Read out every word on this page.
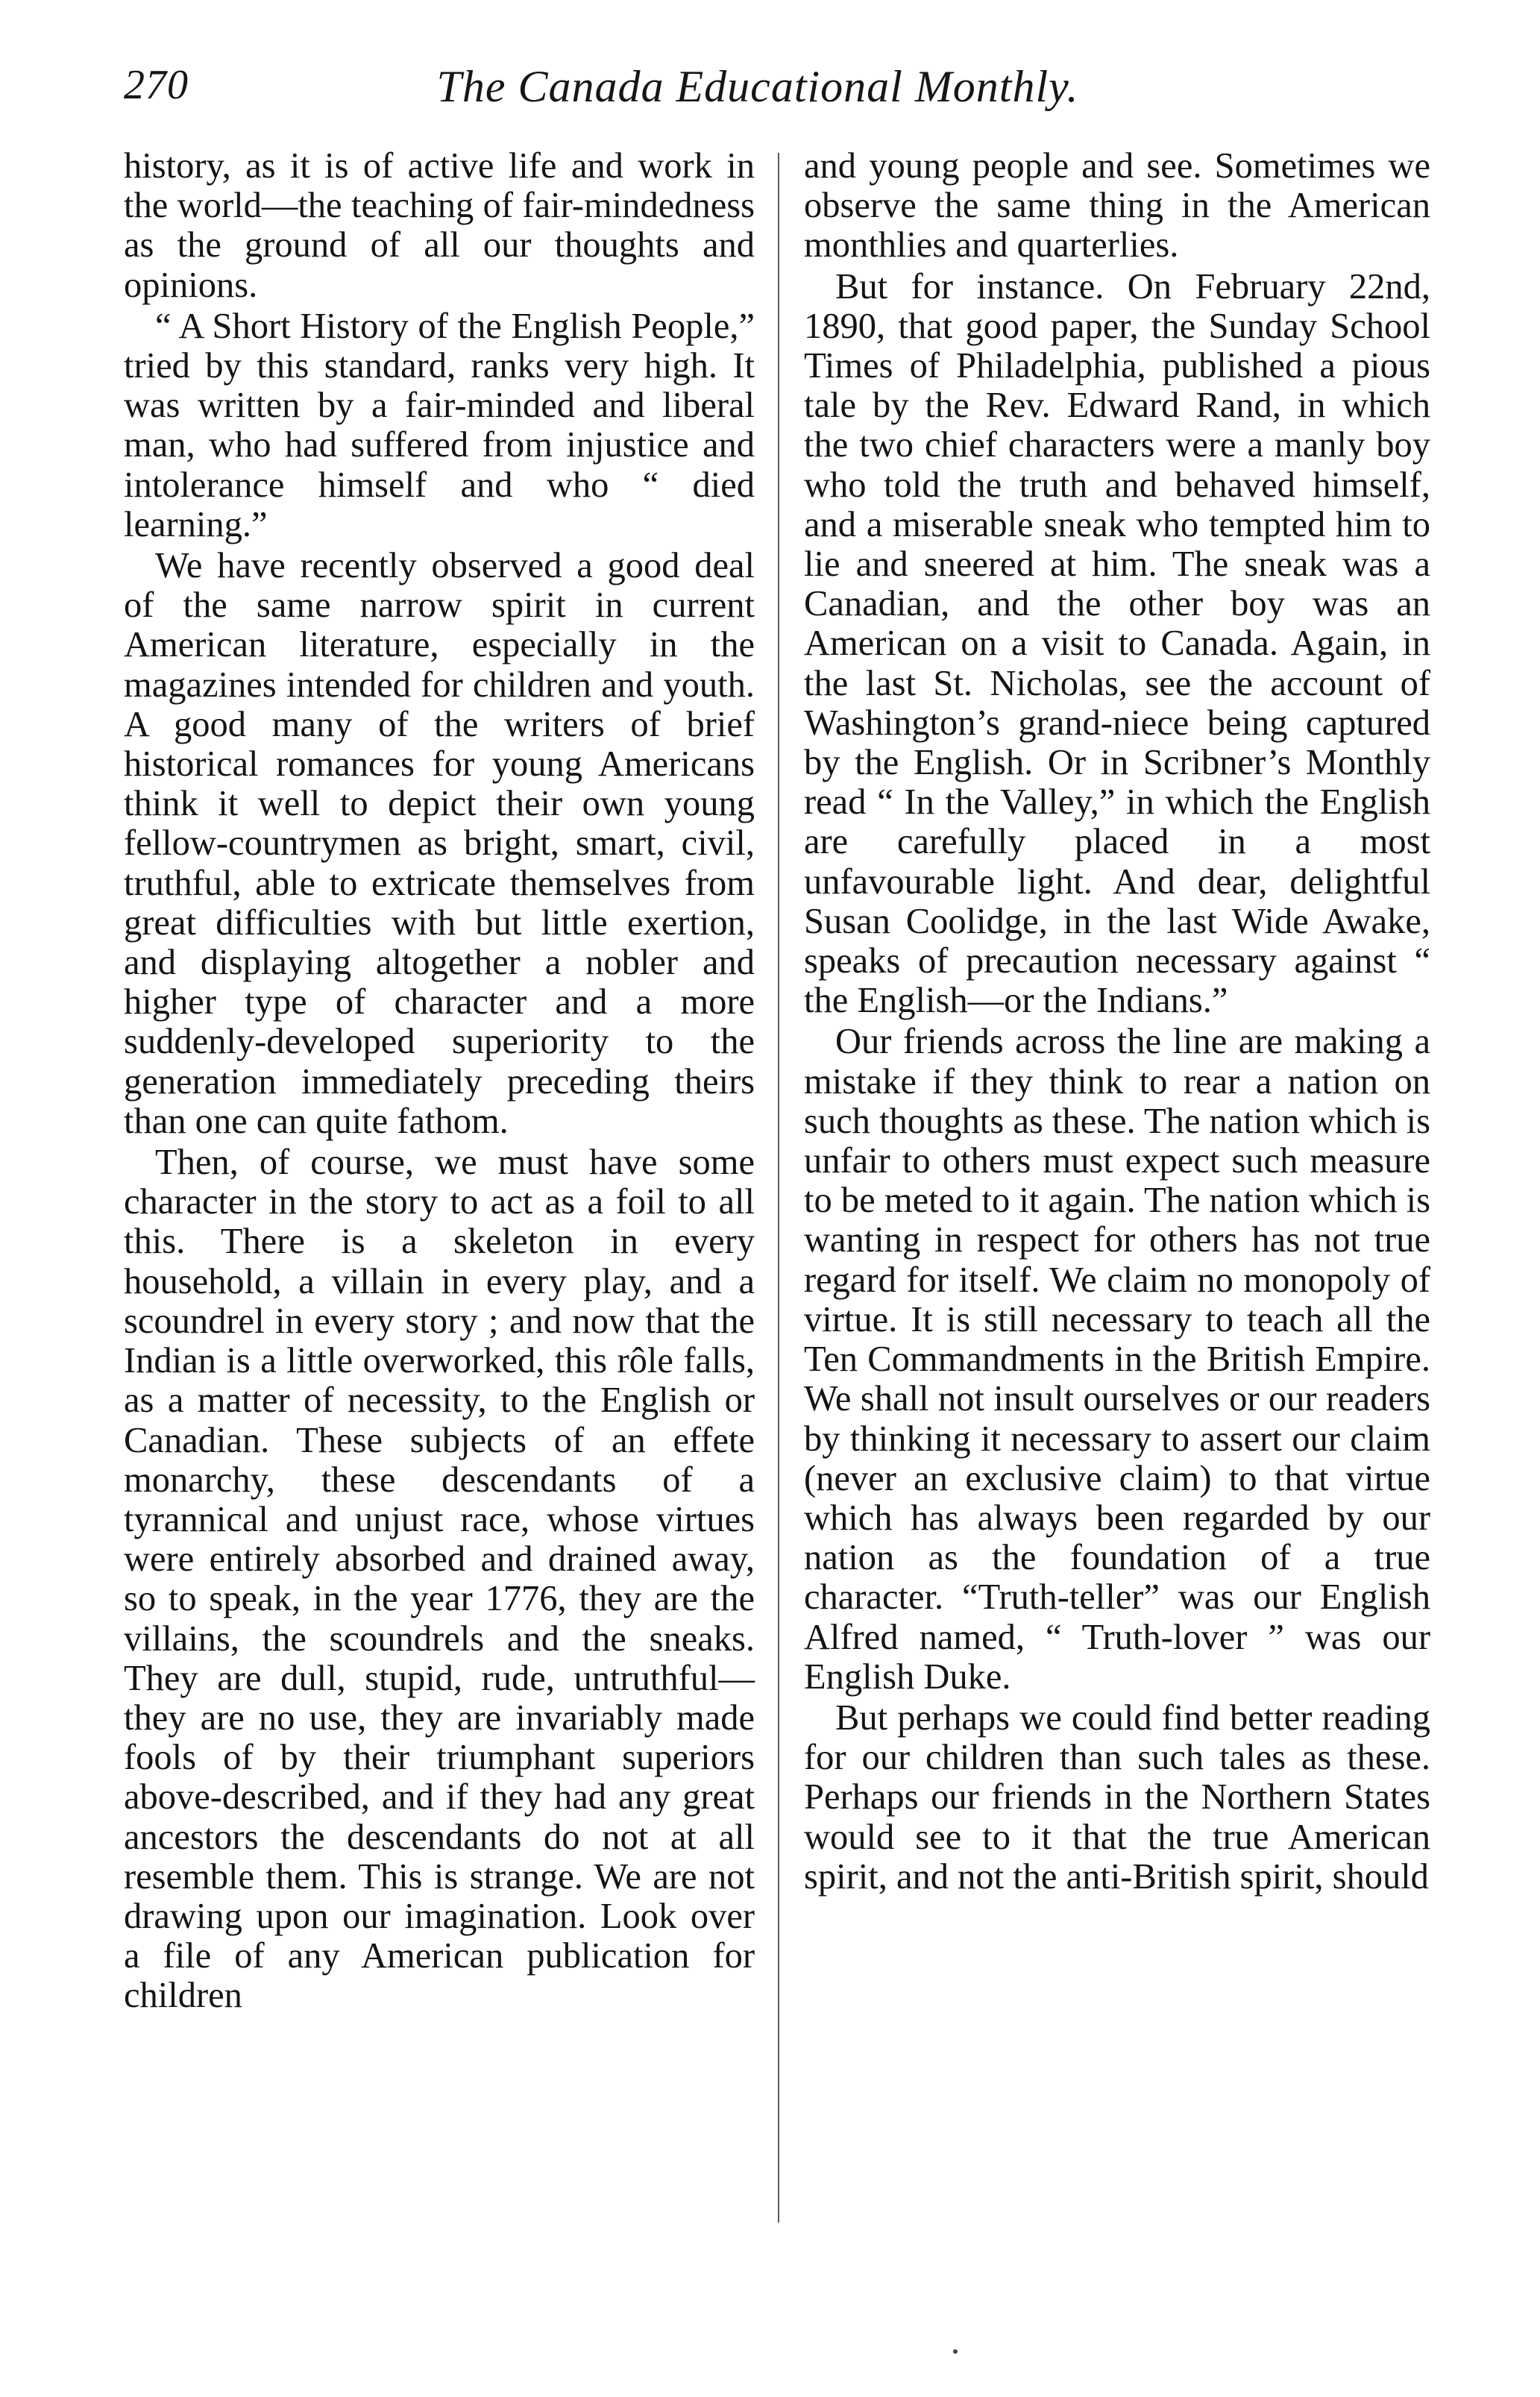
270	The Canada Educational Monthly.

history, as it is of active life and work in the world—the teaching of fair-mindedness as the ground of all our thoughts and opinions.

“ A Short History of the English People,” tried by this standard, ranks very high. It was written by a fair-minded and liberal man, who had suffered from injustice and intolerance himself and who “ died learning.”

We have recently observed a good deal of the same narrow spirit in current American literature, especially in the magazines intended for children and youth. A good many of the writers of brief historical romances for young Americans think it well to depict their own young fellow-countrymen as bright, smart, civil, truthful, able to extricate themselves from great difficulties with but little exertion, and displaying altogether a nobler and higher type of character and a more suddenly-developed superiority to the generation immediately preceding theirs than one can quite fathom.

Then, of course, we must have some character in the story to act as a foil to all this. There is a skeleton in every household, a villain in every play, and a scoundrel in every story ; and now that the Indian is a little overworked, this rôle falls, as a matter of necessity, to the English or Canadian. These subjects of an effete monarchy, these descendants of a tyrannical and unjust race, whose virtues were entirely absorbed and drained away, so to speak, in the year 1776, they are the villains, the scoundrels and the sneaks. They are dull, stupid, rude, untruthful—they are no use, they are invariably made fools of by their triumphant superiors above-described, and if they had any great ancestors the descendants do not at all resemble them. This is strange. We are not drawing upon our imagination. Look over a file of any American publication for children

and young people and see. Sometimes we observe the same thing in the American monthlies and quarterlies.

But for instance. On February 22nd, 1890, that good paper, the Sunday School Times of Philadelphia, published a pious tale by the Rev. Edward Rand, in which the two chief characters were a manly boy who told the truth and behaved himself, and a miserable sneak who tempted him to lie and sneered at him. The sneak was a Canadian, and the other boy was an American on a visit to Canada. Again, in the last St. Nicholas, see the account of Washington’s grand-niece being captured by the English. Or in Scribner’s Monthly read “ In the Valley,” in which the English are carefully placed in a most unfavourable light. And dear, delightful Susan Coolidge, in the last Wide Awake, speaks of precaution necessary against “ the English—or the Indians.”

Our friends across the line are making a mistake if they think to rear a nation on such thoughts as these. The nation which is unfair to others must expect such measure to be meted to it again. The nation which is wanting in respect for others has not true regard for itself. We claim no monopoly of virtue. It is still necessary to teach all the Ten Commandments in the British Empire. We shall not insult ourselves or our readers by thinking it necessary to assert our claim (never an exclusive claim) to that virtue which has always been regarded by our nation as the foundation of a true character. “Truth-teller” was our English Alfred named, “ Truth-lover ” was our English Duke.

But perhaps we could find better reading for our children than such tales as these. Perhaps our friends in the Northern States would see to it that the true American spirit, and not the anti-British spirit, should
